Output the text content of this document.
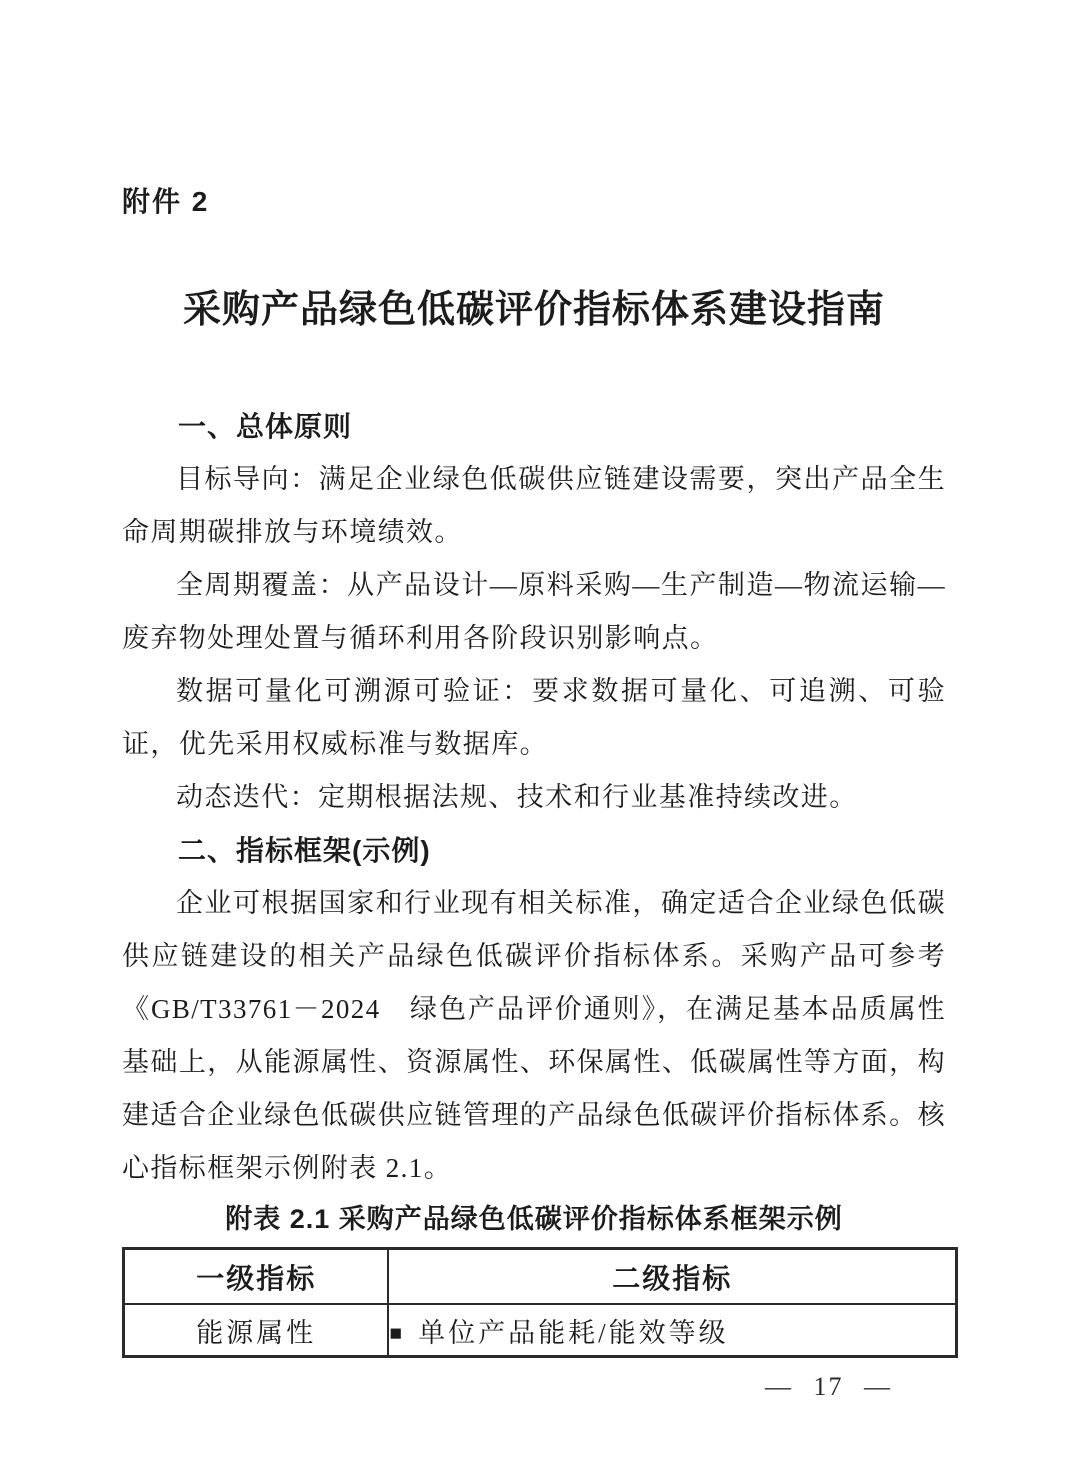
附件 2
采购产品绿色低碳评价指标体系建设指南
一、总体原则

目标导向：满足企业绿色低碳供应链建设需要，突出产品全生命周期碳排放与环境绩效。

全周期覆盖：从产品设计—原料采购—生产制造—物流运输—废弃物处理处置与循环利用各阶段识别影响点。

数据可量化可溯源可验证：要求数据可量化、可追溯、可验证，优先采用权威标准与数据库。

动态迭代：定期根据法规、技术和行业基准持续改进。

二、指标框架(示例)

企业可根据国家和行业现有相关标准，确定适合企业绿色低碳供应链建设的相关产品绿色低碳评价指标体系。采购产品可参考《GB/T33761－2024　绿色产品评价通则》，在满足基本品质属性基础上，从能源属性、资源属性、环保属性、低碳属性等方面，构建适合企业绿色低碳供应链管理的产品绿色低碳评价指标体系。核心指标框架示例附表 2.1。

附表 2.1 采购产品绿色低碳评价指标体系框架示例
一级指标	二级指标
能源属性	■ 单位产品能耗/能效等级
— 17 —
